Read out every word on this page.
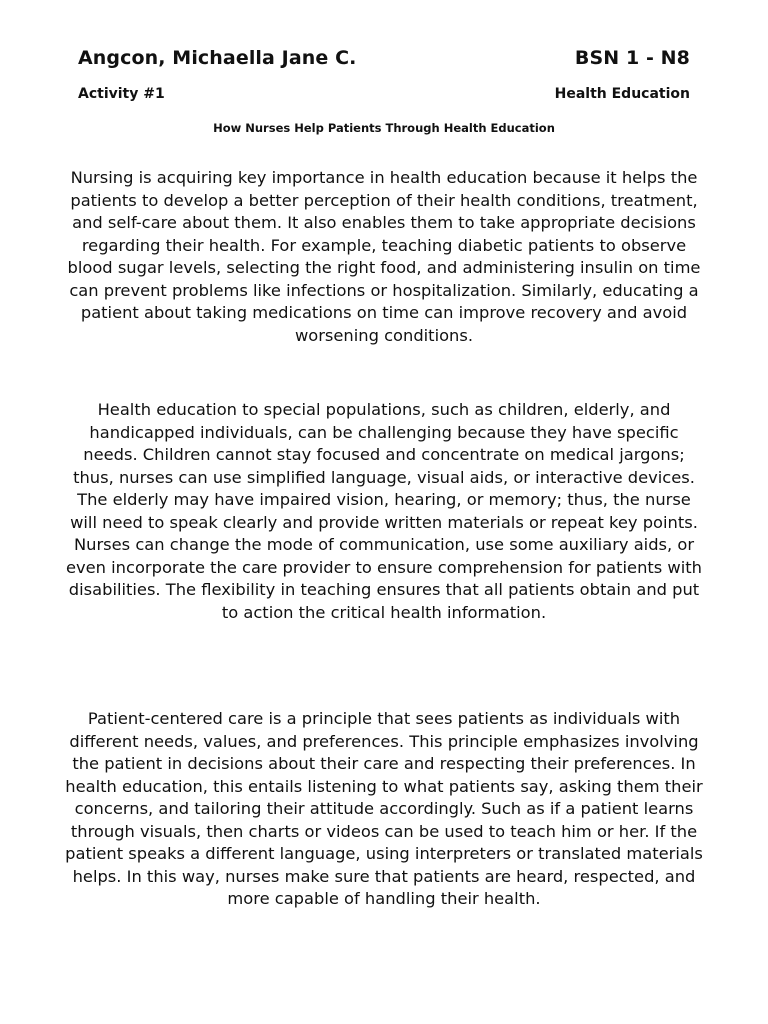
Angcon, Michaella Jane C.	BSN 1 - N8
Activity #1	Health Education
How Nurses Help Patients Through Health Education

Nursing is acquiring key importance in health education because it helps the patients to develop a better perception of their health conditions, treatment, and self-care about them. It also enables them to take appropriate decisions regarding their health. For example, teaching diabetic patients to observe blood sugar levels, selecting the right food, and administering insulin on time can prevent problems like infections or hospitalization. Similarly, educating a patient about taking medications on time can improve recovery and avoid worsening conditions.

Health education to special populations, such as children, elderly, and handicapped individuals, can be challenging because they have specific needs. Children cannot stay focused and concentrate on medical jargons; thus, nurses can use simplified language, visual aids, or interactive devices. The elderly may have impaired vision, hearing, or memory; thus, the nurse will need to speak clearly and provide written materials or repeat key points. Nurses can change the mode of communication, use some auxiliary aids, or even incorporate the care provider to ensure comprehension for patients with disabilities. The flexibility in teaching ensures that all patients obtain and put to action the critical health information.

Patient-centered care is a principle that sees patients as individuals with different needs, values, and preferences. This principle emphasizes involving the patient in decisions about their care and respecting their preferences. In health education, this entails listening to what patients say, asking them their concerns, and tailoring their attitude accordingly. Such as if a patient learns through visuals, then charts or videos can be used to teach him or her. If the patient speaks a different language, using interpreters or translated materials helps. In this way, nurses make sure that patients are heard, respected, and more capable of handling their health.
